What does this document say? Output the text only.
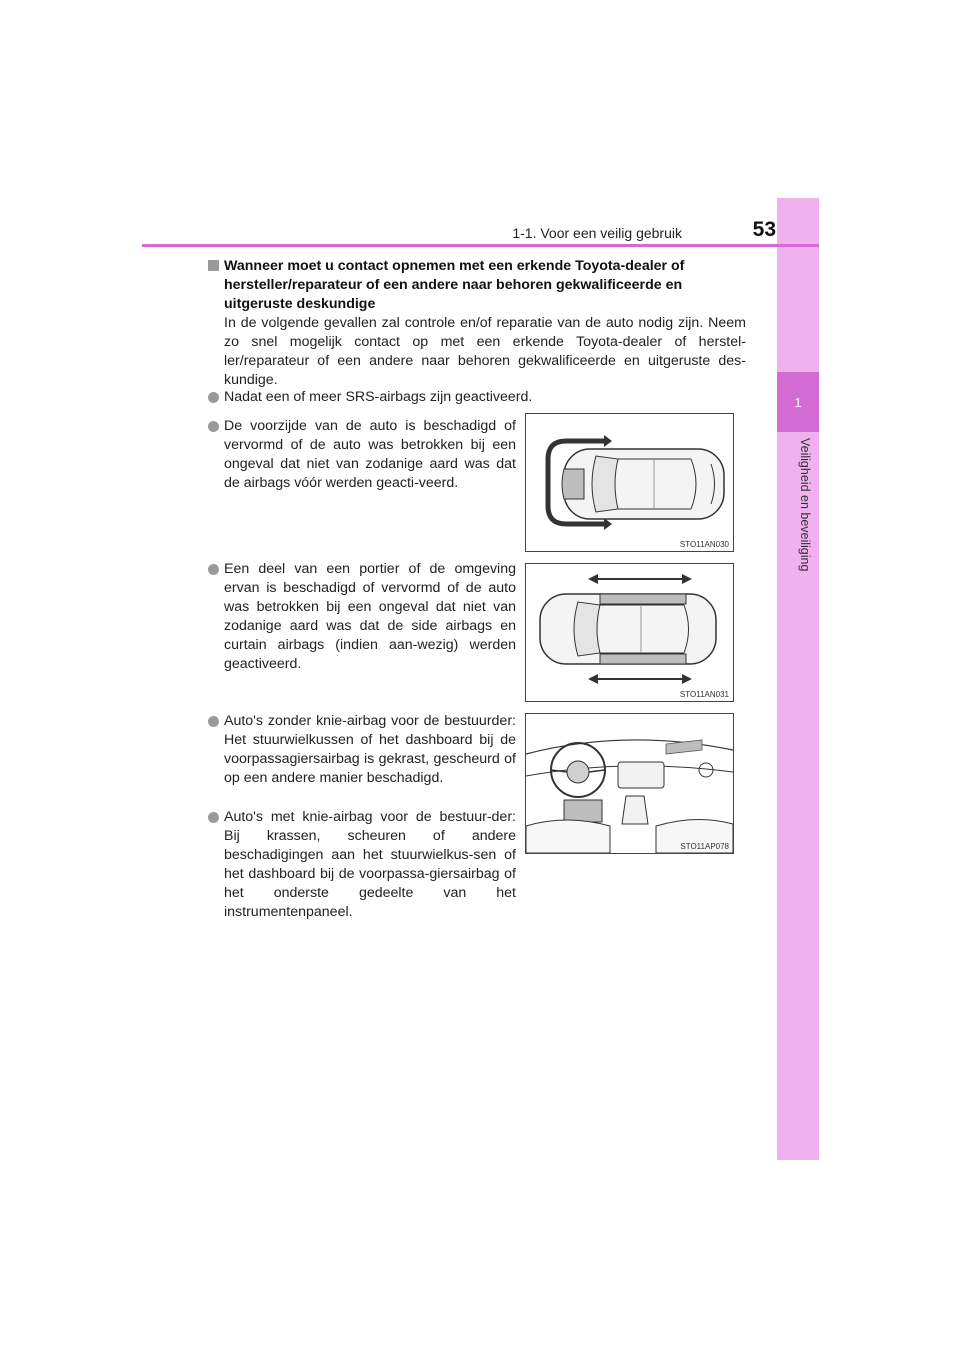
1
Veiligheid en beveiliging
1-1. Voor een veilig gebruik	53
Wanneer moet u contact opnemen met een erkende Toyota-dealer of hersteller/reparateur of een andere naar behoren gekwalificeerde en uitgeruste deskundige
In de volgende gevallen zal controle en/of reparatie van de auto nodig zijn. Neem zo snel mogelijk contact op met een erkende Toyota-dealer of herstel-ler/reparateur of een andere naar behoren gekwalificeerde en uitgeruste des-kundige.
Nadat een of meer SRS-airbags zijn geactiveerd.
De voorzijde van de auto is beschadigd of vervormd of de auto was betrokken bij een ongeval dat niet van zodanige aard was dat de airbags vóór werden geacti-veerd.
Een deel van een portier of de omgeving ervan is beschadigd of vervormd of de auto was betrokken bij een ongeval dat niet van zodanige aard was dat de side airbags en curtain airbags (indien aan-wezig) werden geactiveerd.
Auto's zonder knie-airbag voor de bestuurder: Het stuurwielkussen of het dashboard bij de voorpassagiersairbag is gekrast, gescheurd of op een andere manier beschadigd.
Auto's met knie-airbag voor de bestuur-der: Bij krassen, scheuren of andere beschadigingen aan het stuurwielkus-sen of het dashboard bij de voorpassa-giersairbag of het onderste gedeelte van het instrumentenpaneel.
STO11AN030
STO11AN031
STO11AP078
